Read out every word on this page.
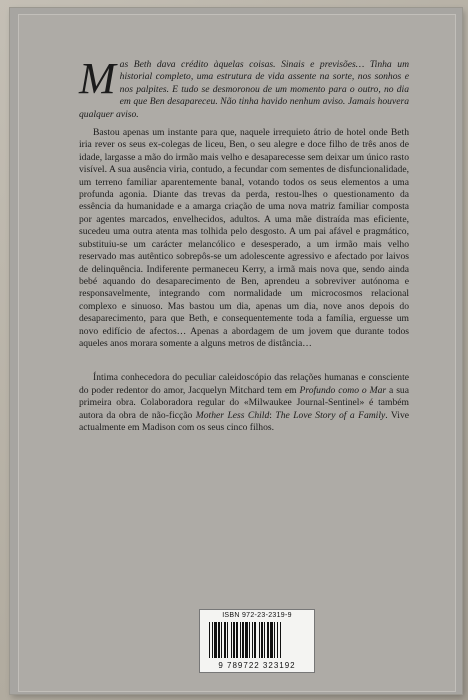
Mas Beth dava crédito àquelas coisas. Sinais e previsões… Tinha um historial completo, uma estrutura de vida assente na sorte, nos sonhos e nos palpites. E tudo se desmoronou de um momento para o outro, no dia em que Ben desapareceu. Não tinha havido nenhum aviso. Jamais houvera qualquer aviso.

Bastou apenas um instante para que, naquele irrequieto átrio de hotel onde Beth iria rever os seus ex-colegas de liceu, Ben, o seu alegre e doce filho de três anos de idade, largasse a mão do irmão mais velho e desaparecesse sem deixar um único rasto visível. A sua ausência viria, contudo, a fecundar com sementes de disfuncionalidade, um terreno familiar aparentemente banal, votando todos os seus elementos a uma profunda agonia. Diante das trevas da perda, restou-lhes o questionamento da essência da humanidade e a amarga criação de uma nova matriz familiar composta por agentes marcados, envelhecidos, adultos. A uma mãe distraída mas eficiente, sucedeu uma outra atenta mas tolhida pelo desgosto. A um pai afável e pragmático, substituiu-se um carácter melancólico e desesperado, a um irmão mais velho reservado mas autêntico sobrepôs-se um adolescente agressivo e afectado por laivos de delinquência. Indiferente permaneceu Kerry, a irmã mais nova que, sendo ainda bebé aquando do desaparecimento de Ben, aprendeu a sobreviver autónoma e responsavelmente, integrando com normalidade um microcosmos relacional complexo e sinuoso. Mas bastou um dia, apenas um dia, nove anos depois do desaparecimento, para que Beth, e consequentemente toda a família, erguesse um novo edifício de afectos… Apenas a abordagem de um jovem que durante todos aqueles anos morara somente a alguns metros de distância…

Íntima conhecedora do peculiar caleidoscópio das relações humanas e consciente do poder redentor do amor, Jacquelyn Mitchard tem em Profundo como o Mar a sua primeira obra. Colaboradora regular do «Milwaukee Journal-Sentinel» é também autora da obra de não-ficção Mother Less Child: The Love Story of a Family. Vive actualmente em Madison com os seus cinco filhos.

ISBN 972-23-2319-9
9 789722 323192
